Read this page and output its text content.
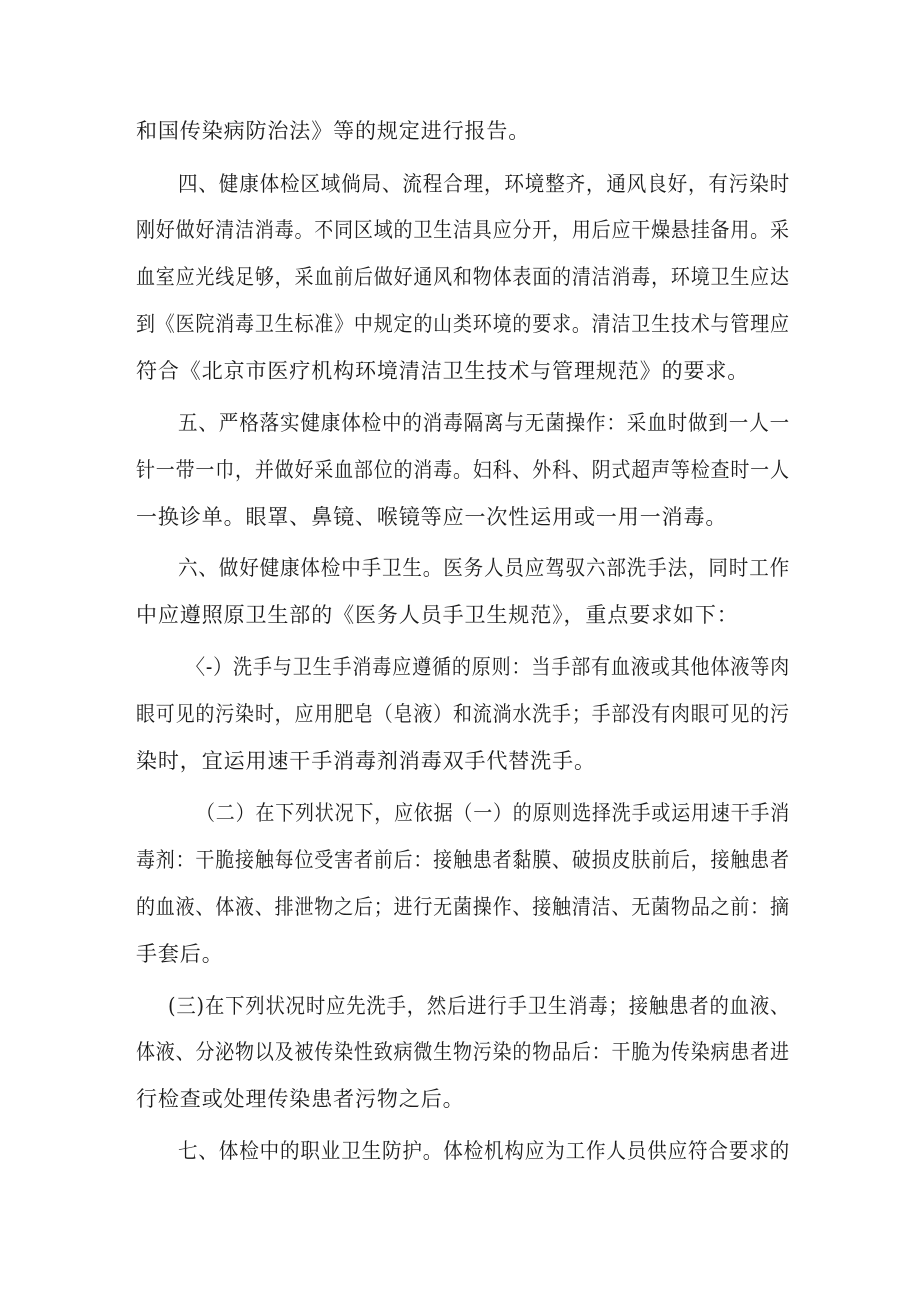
和国传染病防治法》等的规定进行报告。
四、健康体检区域倘局、流程合理，环境整齐，通风良好，有污染时
刚好做好清洁消毒。不同区域的卫生洁具应分开，用后应干燥悬挂备用。采
血室应光线足够，采血前后做好通风和物体表面的清洁消毒，环境卫生应达
到《医院消毒卫生标准》中规定的山类环境的要求。清洁卫生技术与管理应
符合《北京市医疗机构环境清洁卫生技术与管理规范》的要求。
五、严格落实健康体检中的消毒隔离与无菌操作：采血时做到一人一
针一带一巾，并做好采血部位的消毒。妇科、外科、阴式超声等检查时一人
一换诊单。眼罩、鼻镜、喉镜等应一次性运用或一用一消毒。
六、做好健康体检中手卫生。医务人员应驾驭六部洗手法，同时工作
中应遵照原卫生部的《医务人员手卫生规范》，重点要求如下：
〈-）洗手与卫生手消毒应遵循的原则：当手部有血液或其他体液等肉
眼可见的污染时，应用肥皂（皂液）和流淌水洗手；手部没有肉眼可见的污
染时，宜运用速干手消毒剂消毒双手代替洗手。
（二）在下列状况下，应依据（一）的原则选择洗手或运用速干手消
毒剂：干脆接触每位受害者前后：接触患者黏膜、破损皮肤前后，接触患者
的血液、体液、排泄物之后；进行无菌操作、接触清洁、无菌物品之前：摘
手套后。
(三)在下列状况时应先洗手，然后进行手卫生消毒；接触患者的血液、
体液、分泌物以及被传染性致病微生物污染的物品后：干脆为传染病患者进
行检查或处理传染患者污物之后。
七、体检中的职业卫生防护。体检机构应为工作人员供应符合要求的
